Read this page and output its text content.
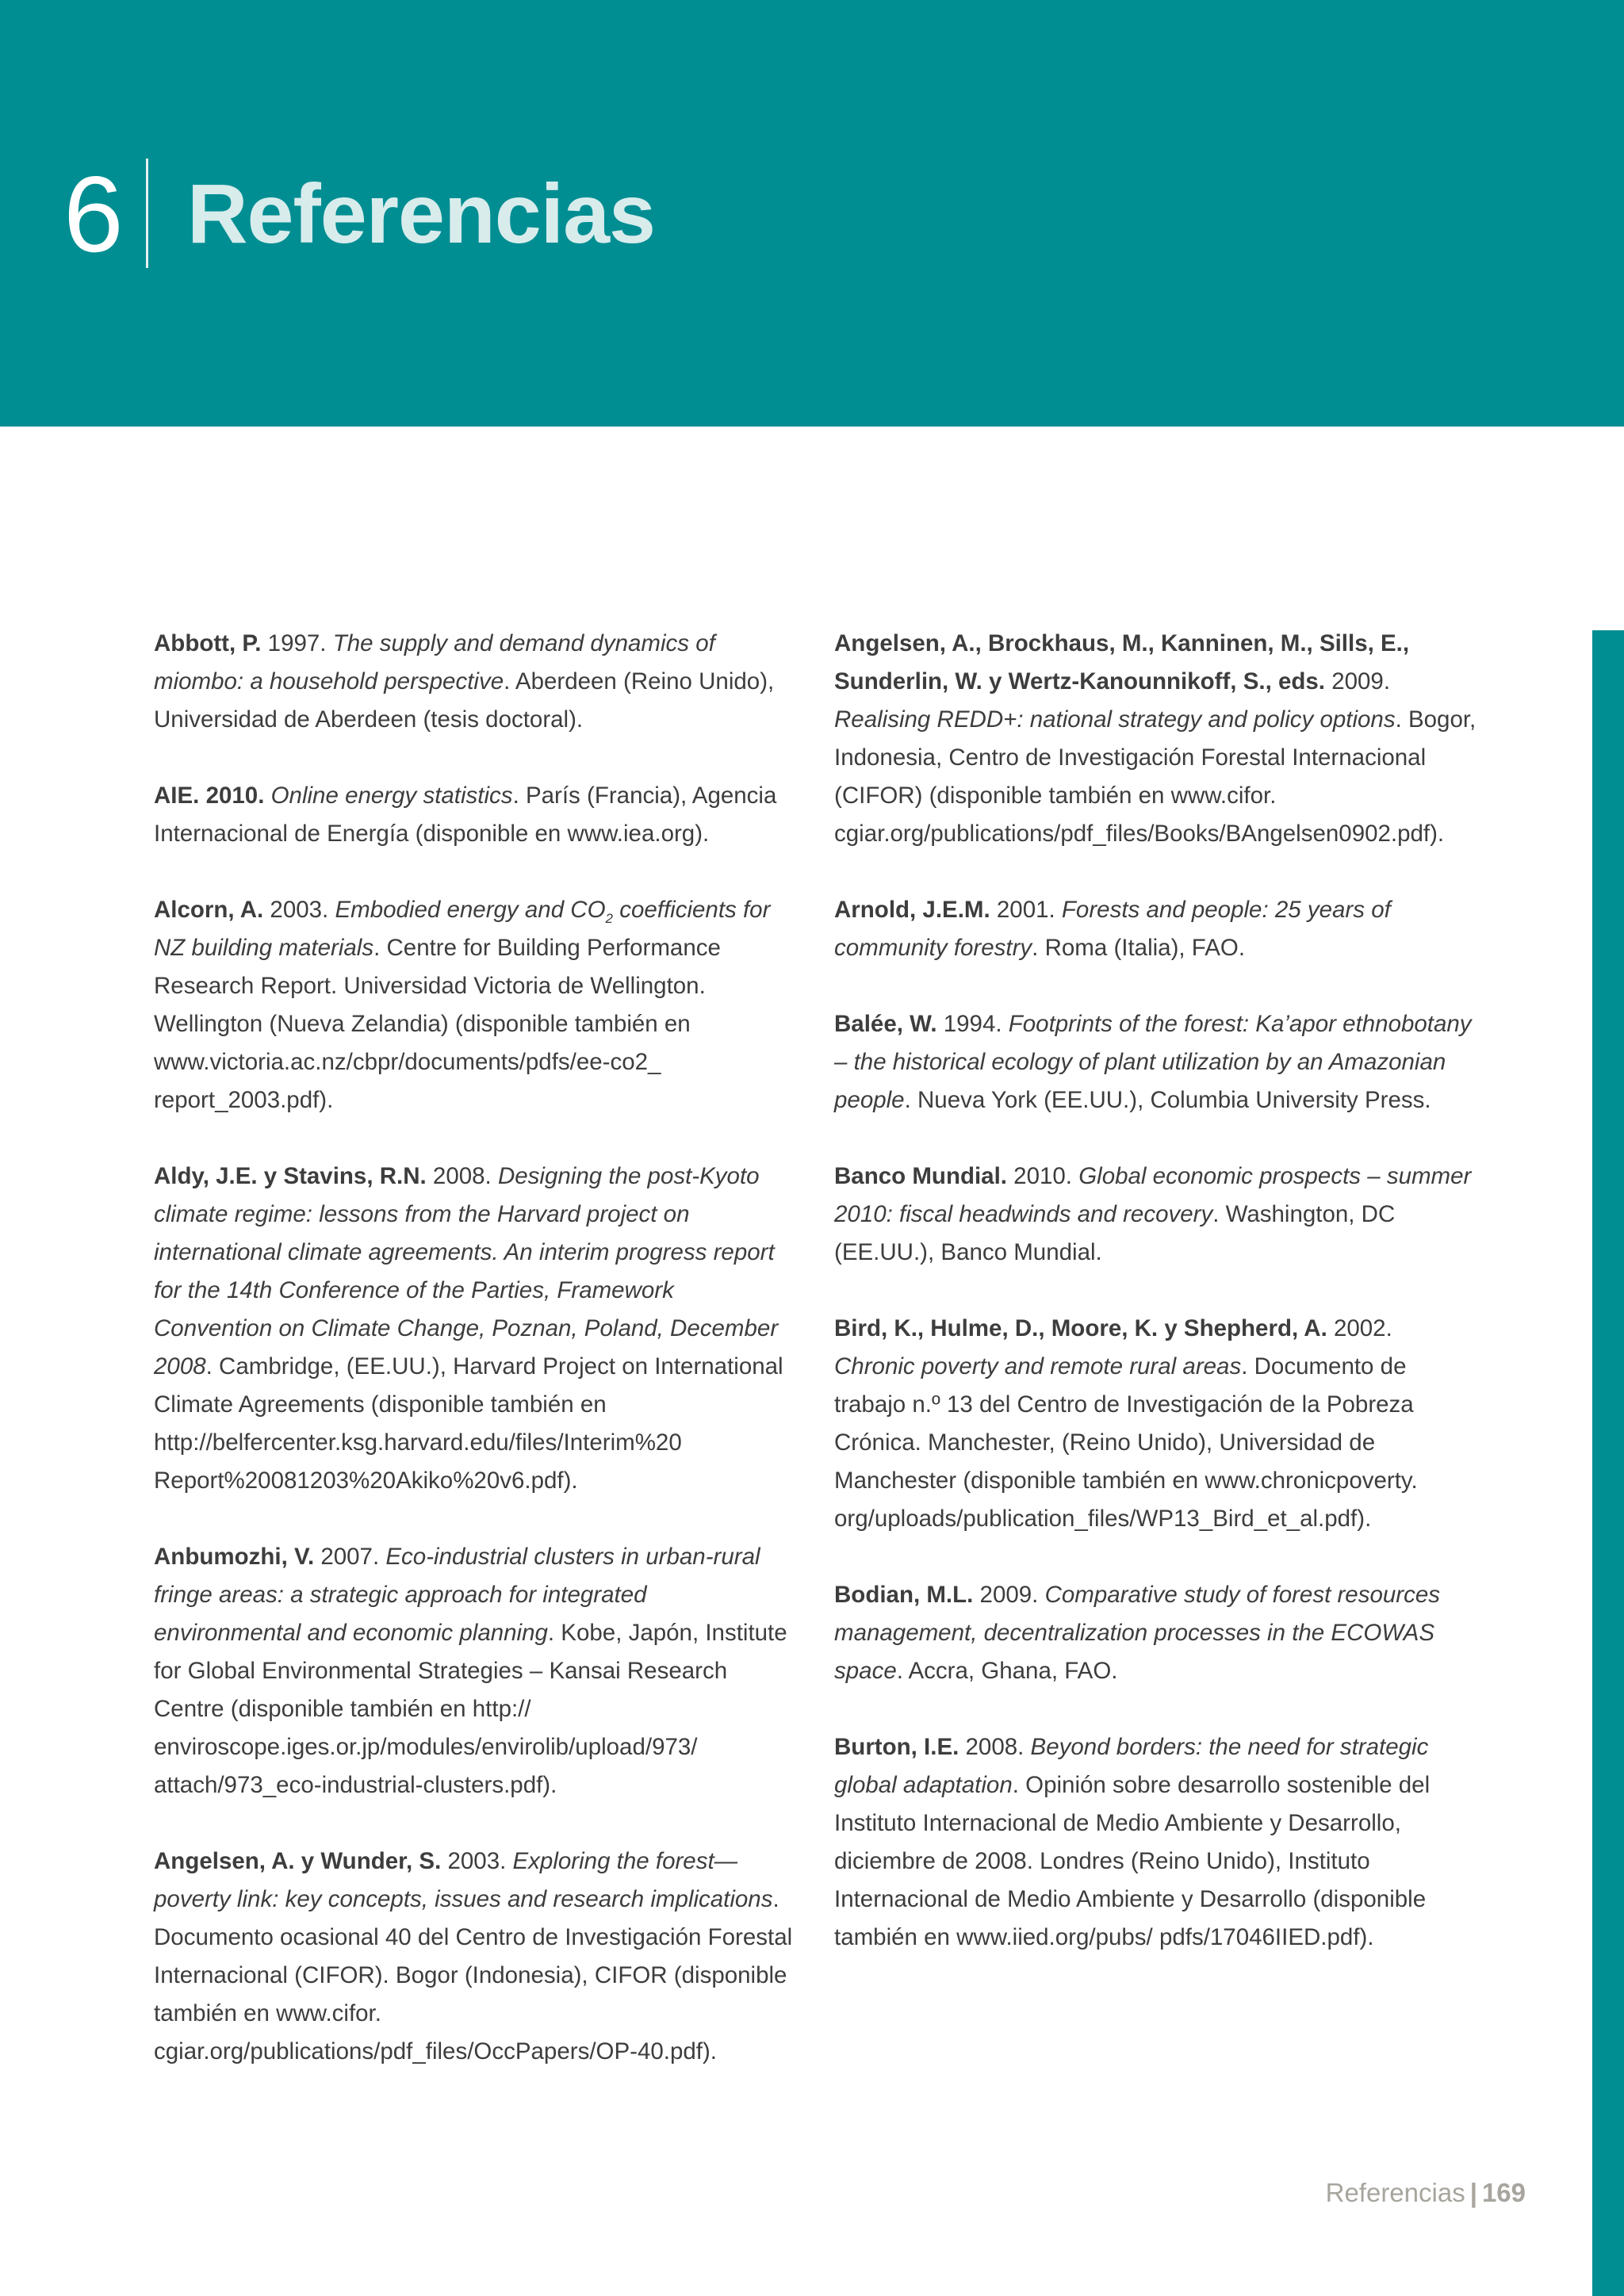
6 Referencias

Abbott, P. 1997. The supply and demand dynamics of miombo: a household perspective. Aberdeen (Reino Unido), Universidad de Aberdeen (tesis doctoral).

AIE. 2010. Online energy statistics. París (Francia), Agencia Internacional de Energía (disponible en www.iea.org).

Alcorn, A. 2003. Embodied energy and $CO_2$ coefficients for NZ building materials. Centre for Building Performance Research Report. Universidad Victoria de Wellington. Wellington (Nueva Zelandia) (disponible también en www.victoria.ac.nz/cbpr/documents/pdfs/ee-co2_ report_2003.pdf).

Aldy, J.E. y Stavins, R.N. 2008. Designing the post-Kyoto climate regime: lessons from the Harvard project on international climate agreements. An interim progress report for the 14th Conference of the Parties, Framework Convention on Climate Change, Poznan, Poland, December 2008. Cambridge, (EE.UU.), Harvard Project on International Climate Agreements (disponible también en http://belfercenter.ksg.harvard.edu/files/Interim%20 Report%20081203%20Akiko%20v6.pdf).

Anbumozhi, V. 2007. Eco-industrial clusters in urban-rural fringe areas: a strategic approach for integrated environmental and economic planning. Kobe, Japón, Institute for Global Environmental Strategies – Kansai Research Centre (disponible también en http:// enviroscope.iges.or.jp/modules/envirolib/upload/973/ attach/973_eco-industrial-clusters.pdf).

Angelsen, A. y Wunder, S. 2003. Exploring the forest—poverty link: key concepts, issues and research implications. Documento ocasional 40 del Centro de Investigación Forestal Internacional (CIFOR). Bogor (Indonesia), CIFOR (disponible también en www.cifor. cgiar.org/publications/pdf_files/OccPapers/OP-40.pdf).

Angelsen, A., Brockhaus, M., Kanninen, M., Sills, E., Sunderlin, W. y Wertz-Kanounnikoff, S., eds. 2009. Realising REDD+: national strategy and policy options. Bogor, Indonesia, Centro de Investigación Forestal Internacional (CIFOR) (disponible también en www.cifor. cgiar.org/publications/pdf_files/Books/BAngelsen0902.pdf).

Arnold, J.E.M. 2001. Forests and people: 25 years of community forestry. Roma (Italia), FAO.

Balée, W. 1994. Footprints of the forest: Ka’apor ethnobotany – the historical ecology of plant utilization by an Amazonian people. Nueva York (EE.UU.), Columbia University Press.

Banco Mundial. 2010. Global economic prospects – summer 2010: fiscal headwinds and recovery. Washington, DC (EE.UU.), Banco Mundial.

Bird, K., Hulme, D., Moore, K. y Shepherd, A. 2002. Chronic poverty and remote rural areas. Documento de trabajo n.º 13 del Centro de Investigación de la Pobreza Crónica. Manchester, (Reino Unido), Universidad de Manchester (disponible también en www.chronicpoverty. org/uploads/publication_files/WP13_Bird_et_al.pdf).

Bodian, M.L. 2009. Comparative study of forest resources management, decentralization processes in the ECOWAS space. Accra, Ghana, FAO.

Burton, I.E. 2008. Beyond borders: the need for strategic global adaptation. Opinión sobre desarrollo sostenible del Instituto Internacional de Medio Ambiente y Desarrollo, diciembre de 2008. Londres (Reino Unido), Instituto Internacional de Medio Ambiente y Desarrollo (disponible también en www.iied.org/pubs/ pdfs/17046IIED.pdf).

Referencias | 169
